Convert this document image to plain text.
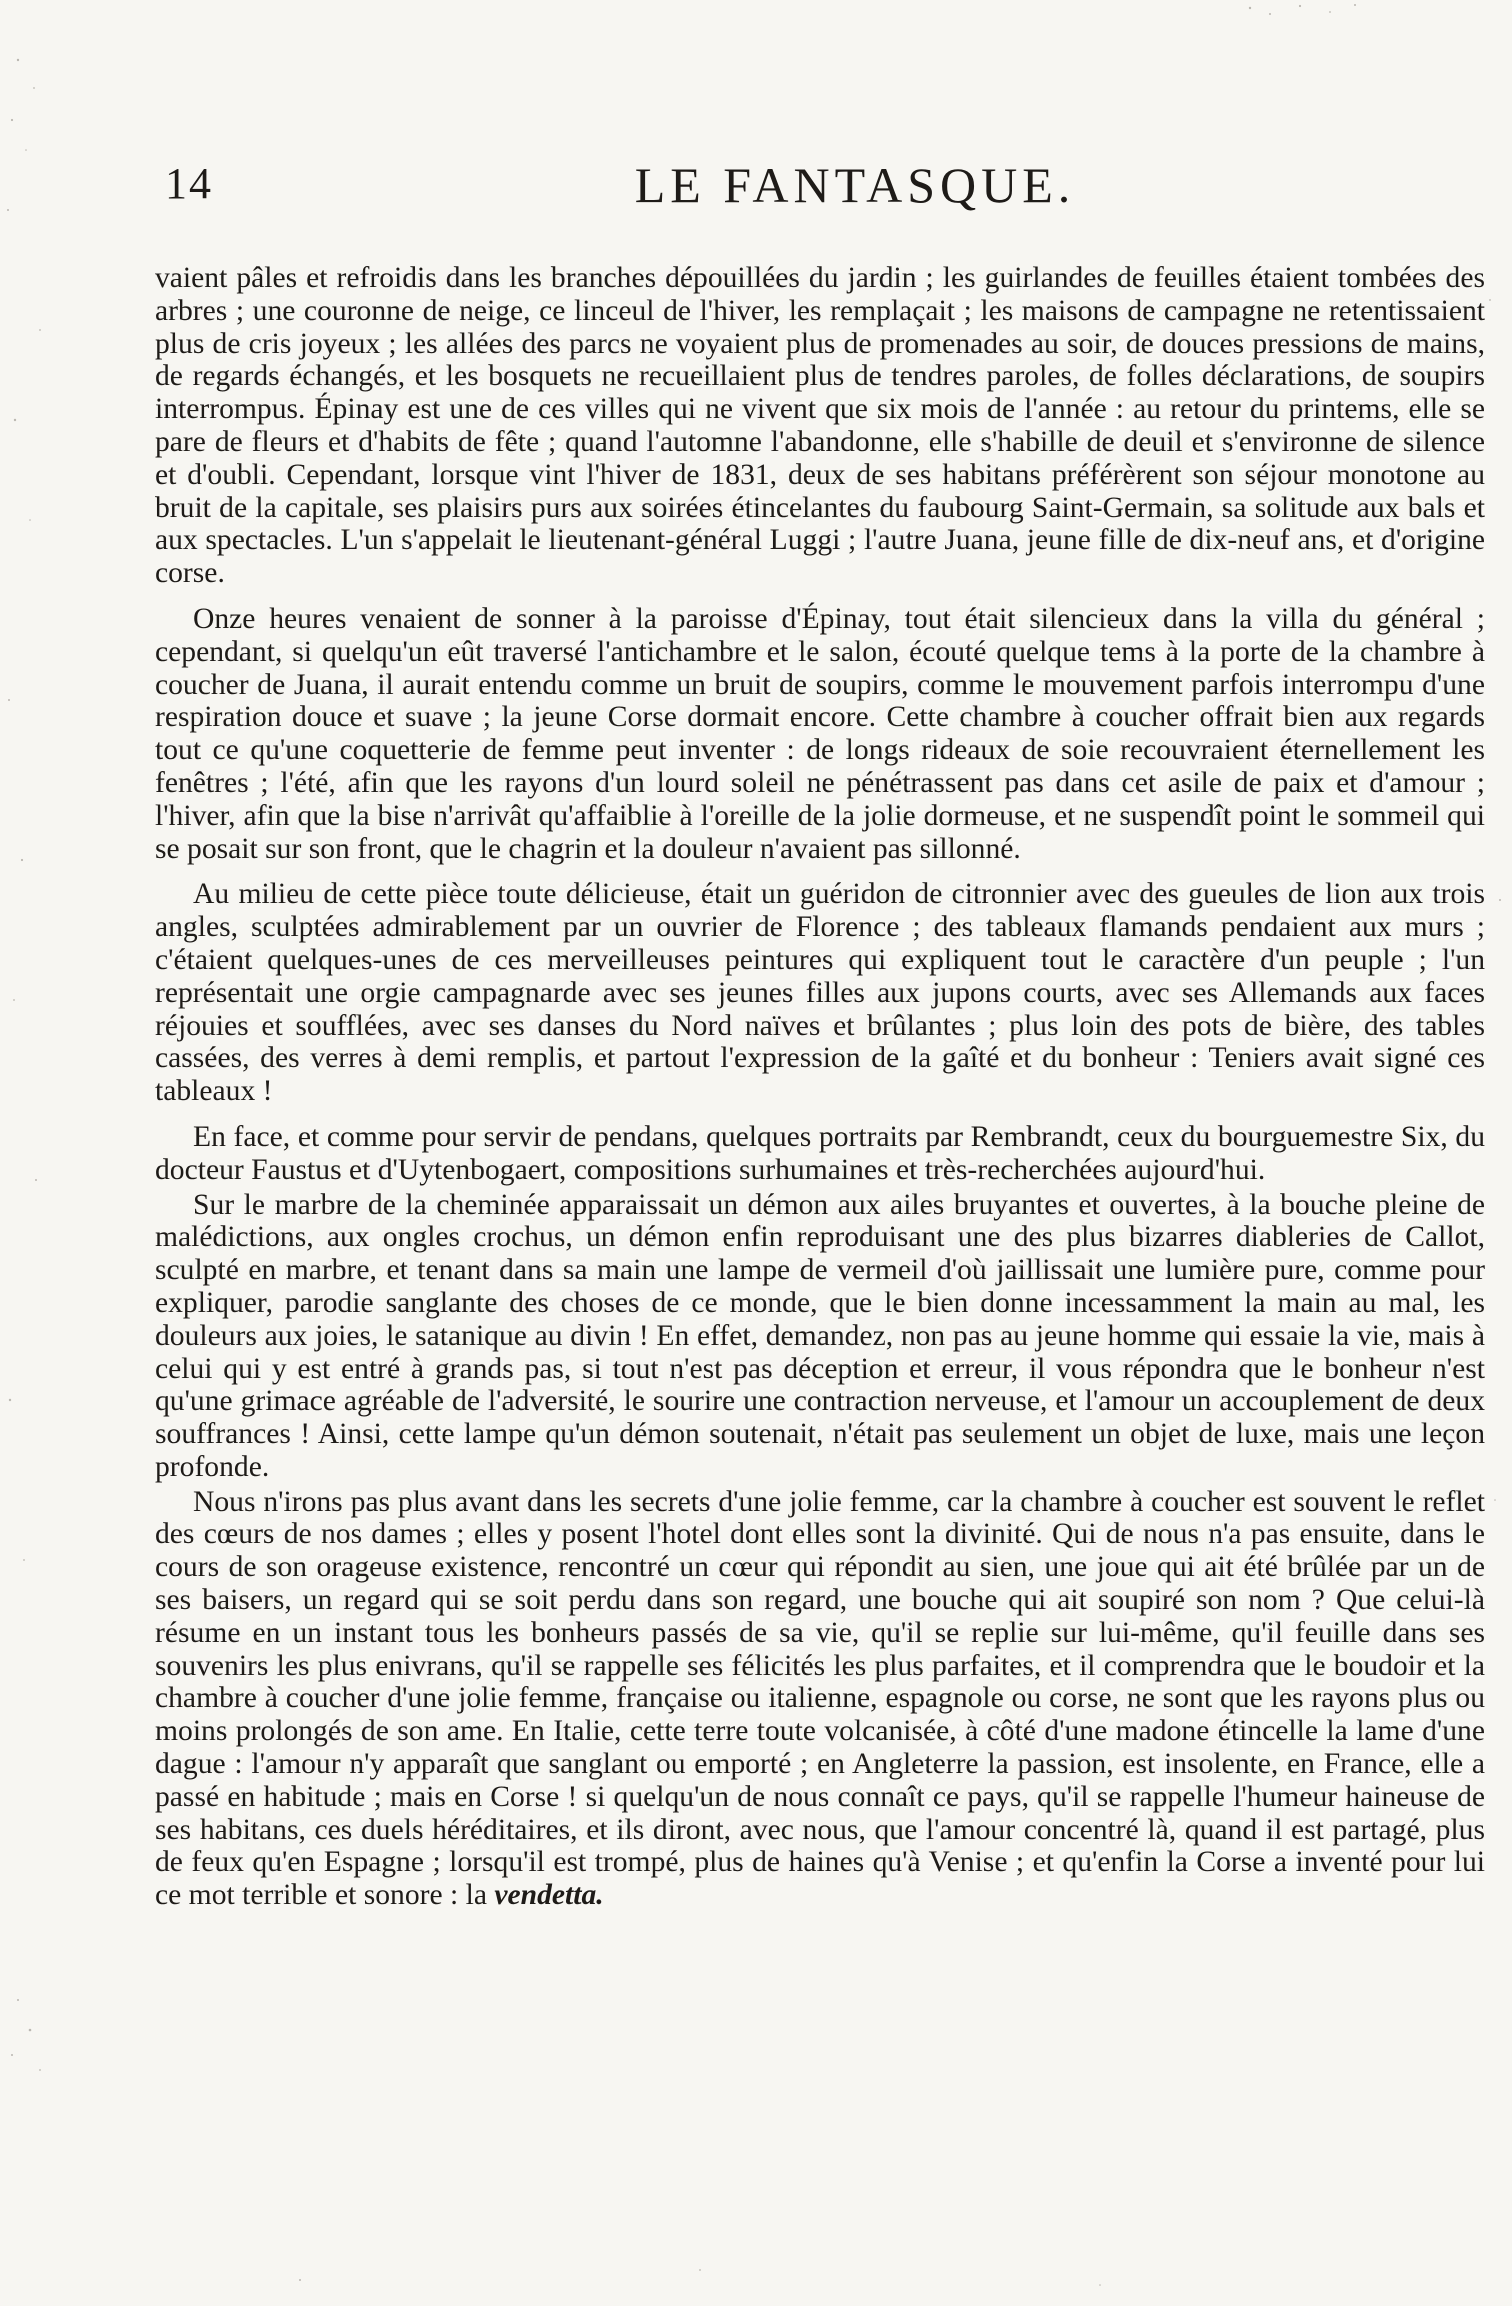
14	LE FANTASQUE.

vaient pâles et refroidis dans les branches dépouillées du jardin ; les guirlandes de feuilles étaient tombées des arbres ; une couronne de neige, ce linceul de l'hiver, les remplaçait ; les maisons de campagne ne retentissaient plus de cris joyeux ; les allées des parcs ne voyaient plus de promenades au soir, de douces pressions de mains, de regards échangés, et les bosquets ne recueillaient plus de tendres paroles, de folles déclarations, de soupirs interrompus. Épinay est une de ces villes qui ne vivent que six mois de l'année : au retour du printems, elle se pare de fleurs et d'habits de fête ; quand l'automne l'abandonne, elle s'habille de deuil et s'environne de silence et d'oubli. Cependant, lorsque vint l'hiver de 1831, deux de ses habitans préférèrent son séjour monotone au bruit de la capitale, ses plaisirs purs aux soirées étincelantes du faubourg Saint-Germain, sa solitude aux bals et aux spectacles. L'un s'appelait le lieutenant-général Luggi ; l'autre Juana, jeune fille de dix-neuf ans, et d'origine corse.

Onze heures venaient de sonner à la paroisse d'Épinay, tout était silencieux dans la villa du général ; cependant, si quelqu'un eût traversé l'antichambre et le salon, écouté quelque tems à la porte de la chambre à coucher de Juana, il aurait entendu comme un bruit de soupirs, comme le mouvement parfois interrompu d'une respiration douce et suave ; la jeune Corse dormait encore. Cette chambre à coucher offrait bien aux regards tout ce qu'une coquetterie de femme peut inventer : de longs rideaux de soie recouvraient éternellement les fenêtres ; l'été, afin que les rayons d'un lourd soleil ne pénétrassent pas dans cet asile de paix et d'amour ; l'hiver, afin que la bise n'arrivât qu'affaiblie à l'oreille de la jolie dormeuse, et ne suspendît point le sommeil qui se posait sur son front, que le chagrin et la douleur n'avaient pas sillonné.

Au milieu de cette pièce toute délicieuse, était un guéridon de citronnier avec des gueules de lion aux trois angles, sculptées admirablement par un ouvrier de Florence ; des tableaux flamands pendaient aux murs ; c'étaient quelques-unes de ces merveilleuses peintures qui expliquent tout le caractère d'un peuple ; l'un représentait une orgie campagnarde avec ses jeunes filles aux jupons courts, avec ses Allemands aux faces réjouies et soufflées, avec ses danses du Nord naïves et brûlantes ; plus loin des pots de bière, des tables cassées, des verres à demi remplis, et partout l'expression de la gaîté et du bonheur : Teniers avait signé ces tableaux !

En face, et comme pour servir de pendans, quelques portraits par Rembrandt, ceux du bourguemestre Six, du docteur Faustus et d'Uytenbogaert, compositions surhumaines et très-recherchées aujourd'hui.

Sur le marbre de la cheminée apparaissait un démon aux ailes bruyantes et ouvertes, à la bouche pleine de malédictions, aux ongles crochus, un démon enfin reproduisant une des plus bizarres diableries de Callot, sculpté en marbre, et tenant dans sa main une lampe de vermeil d'où jaillissait une lumière pure, comme pour expliquer, parodie sanglante des choses de ce monde, que le bien donne incessamment la main au mal, les douleurs aux joies, le satanique au divin ! En effet, demandez, non pas au jeune homme qui essaie la vie, mais à celui qui y est entré à grands pas, si tout n'est pas déception et erreur, il vous répondra que le bonheur n'est qu'une grimace agréable de l'adversité, le sourire une contraction nerveuse, et l'amour un accouplement de deux souffrances ! Ainsi, cette lampe qu'un démon soutenait, n'était pas seulement un objet de luxe, mais une leçon profonde.

Nous n'irons pas plus avant dans les secrets d'une jolie femme, car la chambre à coucher est souvent le reflet des cœurs de nos dames ; elles y posent l'hotel dont elles sont la divinité. Qui de nous n'a pas ensuite, dans le cours de son orageuse existence, rencontré un cœur qui répondit au sien, une joue qui ait été brûlée par un de ses baisers, un regard qui se soit perdu dans son regard, une bouche qui ait soupiré son nom ? Que celui-là résume en un instant tous les bonheurs passés de sa vie, qu'il se replie sur lui-même, qu'il feuille dans ses souvenirs les plus enivrans, qu'il se rappelle ses félicités les plus parfaites, et il comprendra que le boudoir et la chambre à coucher d'une jolie femme, française ou italienne, espagnole ou corse, ne sont que les rayons plus ou moins prolongés de son ame. En Italie, cette terre toute volcanisée, à côté d'une madone étincelle la lame d'une dague : l'amour n'y apparaît que sanglant ou emporté ; en Angleterre la passion, est insolente, en France, elle a passé en habitude ; mais en Corse ! si quelqu'un de nous connaît ce pays, qu'il se rappelle l'humeur haineuse de ses habitans, ces duels héréditaires, et ils diront, avec nous, que l'amour concentré là, quand il est partagé, plus de feux qu'en Espagne ; lorsqu'il est trompé, plus de haines qu'à Venise ; et qu'enfin la Corse a inventé pour lui ce mot terrible et sonore : la vendetta.
